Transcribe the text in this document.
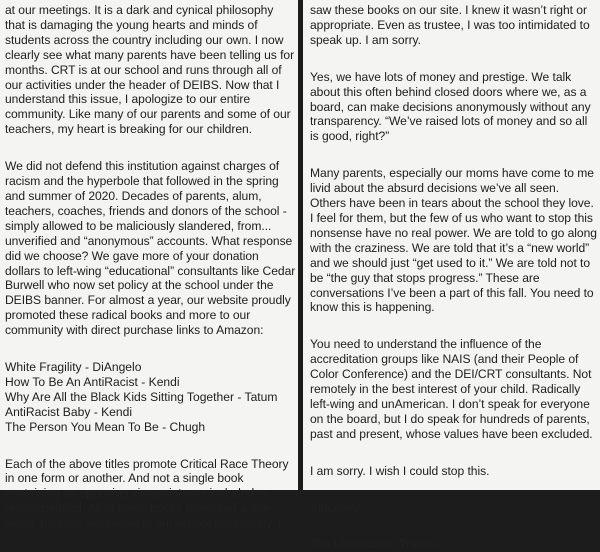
at our meetings. It is a dark and cynical philosophy that is damaging the young hearts and minds of students across the country including our own. I now clearly see what many parents have been telling us for months. CRT is at our school and runs through all of our activities under the header of DEIBS. Now that I understand this issue, I apologize to our entire community. Like many of our parents and some of our teachers, my heart is breaking for our children.

We did not defend this institution against charges of racism and the hyperbole that followed in the spring and summer of 2020. Decades of parents, alum, teachers, coaches, friends and donors of the school - simply allowed to be maliciously slandered, from... unverified and “anonymous” accounts. What response did we choose? We gave more of your donation dollars to left-wing “educational” consultants like Cedar Burwell who now set policy at the school under the DEIBS banner. For almost a year, our website proudly promoted these radical books and more to our community with direct purchase links to Amazon:

White Fragility - DiAngelo
How To Be An AntiRacist - Kendi
Why Are All the Black Kids Sitting Together - Tatum
AntiRacist Baby - Kendi
The Person You Mean To Be - Chugh

Each of the above titles promote Critical Race Theory in one form or another. And not a single book containing an opposing viewpoint was included or recommended. All of these books promoted a one-sided, partisan worldview to our school community. I

saw these books on our site. I knew it wasn’t right or appropriate. Even as trustee, I was too intimidated to speak up. I am sorry.

Yes, we have lots of money and prestige. We talk about this often behind closed doors where we, as a board, can make decisions anonymously without any transparency. “We’ve raised lots of money and so all is good, right?”

Many parents, especially our moms have come to me livid about the absurd decisions we’ve all seen. Others have been in tears about the school they love. I feel for them, but the few of us who want to stop this nonsense have no real power. We are told to go along with the craziness. We are told that it’s a “new world” and we should just “get used to it.” We are told not to be “the guy that stops progress.” These are conversations I’ve been a part of this fall. You need to know this is happening.

You need to understand the influence of the accreditation groups like NAIS (and their People of Color Conference) and the DEI/CRT consultants. Not remotely in the best interest of your child. Radically left-wing and unAmerican. I don’t speak for everyone on the board, but I do speak for hundreds of parents, past and present, whose values have been excluded.

I am sorry. I wish I could stop this.

Sincerely,

The Undercover Trustee
